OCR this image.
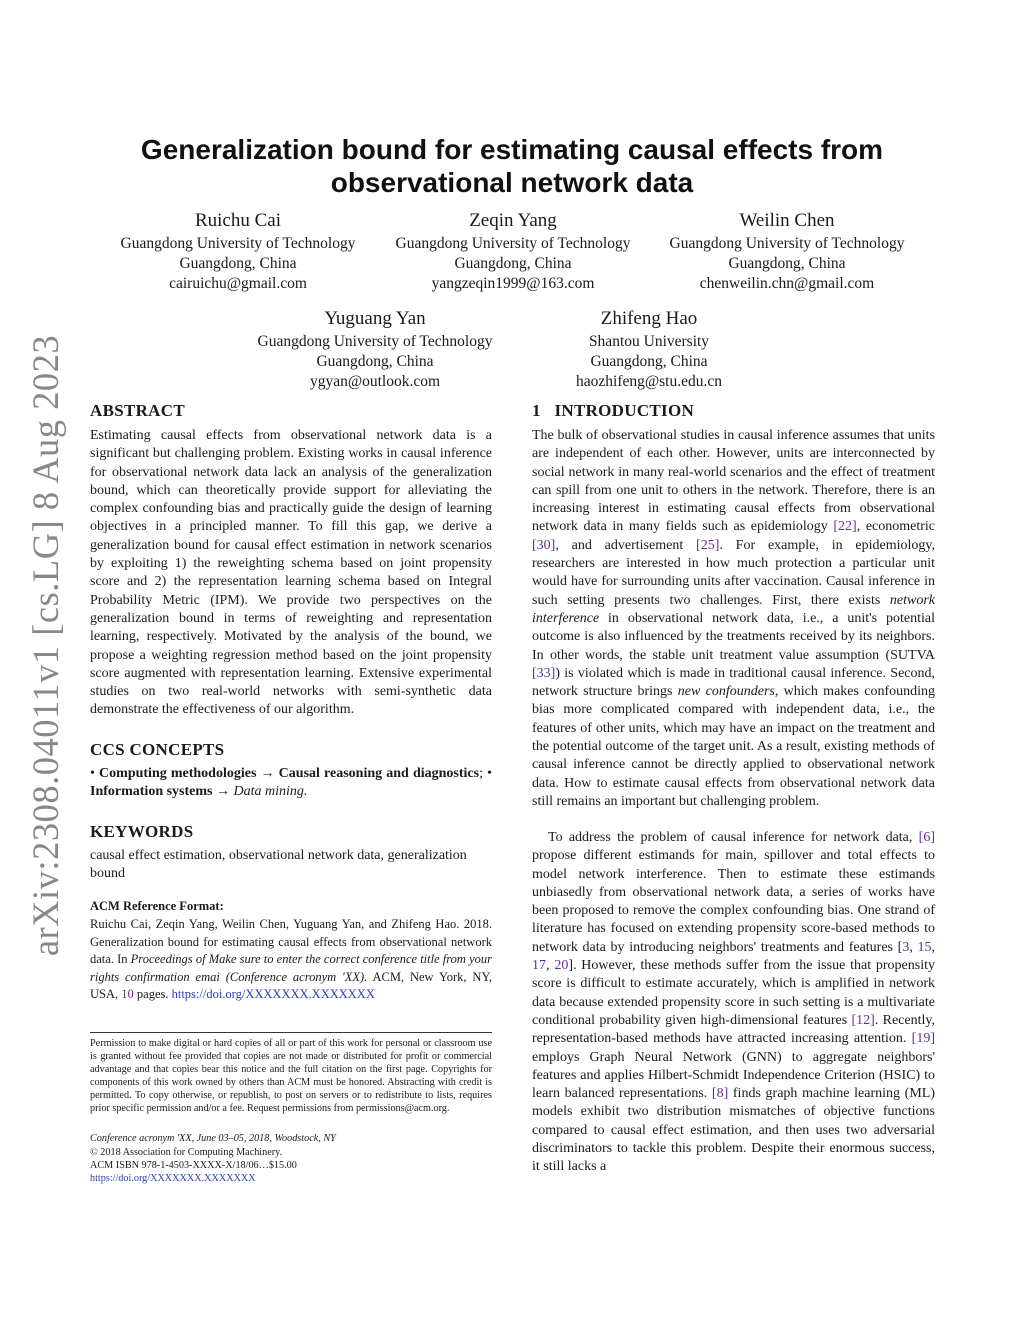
arXiv:2308.04011v1 [cs.LG] 8 Aug 2023
Generalization bound for estimating causal effects from observational network data
Ruichu Cai
Guangdong University of Technology
Guangdong, China
cairuichu@gmail.com
Zeqin Yang
Guangdong University of Technology
Guangdong, China
yangzeqin1999@163.com
Weilin Chen
Guangdong University of Technology
Guangdong, China
chenweilin.chn@gmail.com
Yuguang Yan
Guangdong University of Technology
Guangdong, China
ygyan@outlook.com
Zhifeng Hao
Shantou University
Guangdong, China
haozhifeng@stu.edu.cn
ABSTRACT

Estimating causal effects from observational network data is a significant but challenging problem. Existing works in causal inference for observational network data lack an analysis of the generalization bound, which can theoretically provide support for alleviating the complex confounding bias and practically guide the design of learning objectives in a principled manner. To fill this gap, we derive a generalization bound for causal effect estimation in network scenarios by exploiting 1) the reweighting schema based on joint propensity score and 2) the representation learning schema based on Integral Probability Metric (IPM). We provide two perspectives on the generalization bound in terms of reweighting and representation learning, respectively. Motivated by the analysis of the bound, we propose a weighting regression method based on the joint propensity score augmented with representation learning. Extensive experimental studies on two real-world networks with semi-synthetic data demonstrate the effectiveness of our algorithm.

CCS CONCEPTS

• Computing methodologies → Causal reasoning and diagnostics; • Information systems → Data mining.

KEYWORDS

causal effect estimation, observational network data, generalization bound

ACM Reference Format:

Ruichu Cai, Zeqin Yang, Weilin Chen, Yuguang Yan, and Zhifeng Hao. 2018. Generalization bound for estimating causal effects from observational network data. In Proceedings of Make sure to enter the correct conference title from your rights confirmation emai (Conference acronym 'XX). ACM, New York, NY, USA, 10 pages. https://doi.org/XXXXXXX.XXXXXXX

Permission to make digital or hard copies of all or part of this work for personal or classroom use is granted without fee provided that copies are not made or distributed for profit or commercial advantage and that copies bear this notice and the full citation on the first page. Copyrights for components of this work owned by others than ACM must be honored. Abstracting with credit is permitted. To copy otherwise, or republish, to post on servers or to redistribute to lists, requires prior specific permission and/or a fee. Request permissions from permissions@acm.org.

Conference acronym 'XX, June 03–05, 2018, Woodstock, NY

© 2018 Association for Computing Machinery.

ACM ISBN 978-1-4503-XXXX-X/18/06…$15.00

https://doi.org/XXXXXXX.XXXXXXX

1   INTRODUCTION

The bulk of observational studies in causal inference assumes that units are independent of each other. However, units are interconnected by social network in many real-world scenarios and the effect of treatment can spill from one unit to others in the network. Therefore, there is an increasing interest in estimating causal effects from observational network data in many fields such as epidemiology [22], econometric [30], and advertisement [25]. For example, in epidemiology, researchers are interested in how much protection a particular unit would have for surrounding units after vaccination. Causal inference in such setting presents two challenges. First, there exists network interference in observational network data, i.e., a unit's potential outcome is also influenced by the treatments received by its neighbors. In other words, the stable unit treatment value assumption (SUTVA [33]) is violated which is made in traditional causal inference. Second, network structure brings new confounders, which makes confounding bias more complicated compared with independent data, i.e., the features of other units, which may have an impact on the treatment and the potential outcome of the target unit. As a result, existing methods of causal inference cannot be directly applied to observational network data. How to estimate causal effects from observational network data still remains an important but challenging problem.

To address the problem of causal inference for network data, [6] propose different estimands for main, spillover and total effects to model network interference. Then to estimate these estimands unbiasedly from observational network data, a series of works have been proposed to remove the complex confounding bias. One strand of literature has focused on extending propensity score-based methods to network data by introducing neighbors' treatments and features [3, 15, 17, 20]. However, these methods suffer from the issue that propensity score is difficult to estimate accurately, which is amplified in network data because extended propensity score in such setting is a multivariate conditional probability given high-dimensional features [12]. Recently, representation-based methods have attracted increasing attention. [19] employs Graph Neural Network (GNN) to aggregate neighbors' features and applies Hilbert-Schmidt Independence Criterion (HSIC) to learn balanced representations. [8] finds graph machine learning (ML) models exhibit two distribution mismatches of objective functions compared to causal effect estimation, and then uses two adversarial discriminators to tackle this problem. Despite their enormous success, it still lacks a
